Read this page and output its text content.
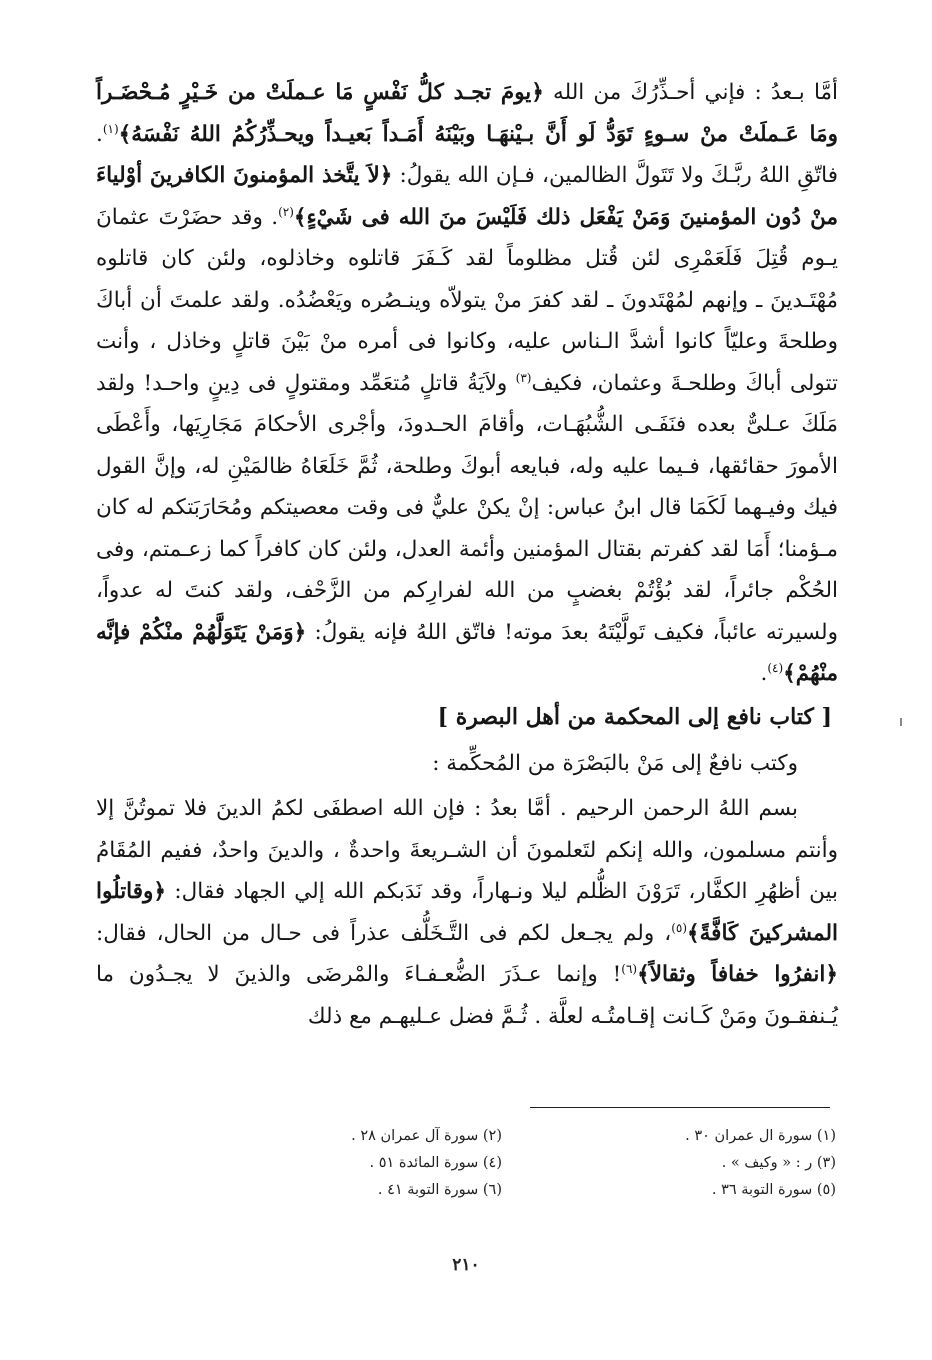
أمَّا بـعدُ : فإني أحـذِّرُكَ من الله ﴿يومَ تجـد كلُّ نَفْسٍ مَا عـملَتْ من خَـيْرٍ مُـحْضَـراً ومَا عَـملَتْ منْ سـوءٍ تَوَدُّ لَو أَنَّ بـيْنهَـا وبَيْنَهُ أَمَـداً بَعيـداً ويحـذِّرُكُمُ اللهُ نَفْسَهُ﴾$^{(١)}$. فاتّقِ اللهُ ربَّـكَ ولا تَتَولَّ الظالمين، فـإن الله يقولُ: ﴿لاَ يتَّخذ المؤمنونَ الكافرينَ أوْلياءَ منْ دُون المؤمنينَ وَمَنْ يَفْعَل ذلك فَلَيْسَ منَ الله فى شَيْءٍ﴾$^{(٢)}$. وقد حضَرْتَ عثمانَ يـوم قُتِلَ فَلَعَمْرِى لئن قُتل مظلوماً لقد كَـفَرَ قاتلوه وخاذلوه، ولئن كان قاتلوه مُهْتَـدينَ ـ وإنهم لمُهْتَدونَ ـ لقد كفرَ منْ يتولاّه وينـصُره ويَعْضُدُه. ولقد علمتَ أن أباكَ وطلحةَ وعليّاً كانوا أشدَّ الـناس عليه، وكانوا فى أمره منْ بَيْنَ قاتلٍ وخاذل ، وأنت تتولى أباكَ وطلحـةَ وعثمان، فكيف$^{(٣)}$ ولاَيَةُ قاتلٍ مُتعَمِّد ومقتولٍ فى دِينٍ واحـد! ولقد مَلَكَ عـلىٌّ بعده فنَفَـى الشُّبُهَـات، وأقامَ الحـدودَ، وأجْرى الأحكامَ مَجَارِيَها، وأَعْطَى الأمورَ حقائقها، فـيما عليه وله، فبايعه أبوكَ وطلحة، ثُمَّ خَلَعَاهُ ظالمَيْنِ له، وإنَّ القول فيك وفيـهما لَكَمَا قال ابنُ عباس: إنْ يكنْ عليٌّ فى وقت معصيتكم ومُحَارَبَتكم له كان مـؤمنا؛ أَمَا لقد كفرتم بقتال المؤمنين وأئمة العدل، ولئن كان كافراً كما زعـمتم، وفى الحُكْم جائراً، لقد بُؤْتُمْ بغضبٍ من الله لفرارِكم من الزَّحْف، ولقد كنتَ له عدواً، ولسيرته عائباً، فكيف تَولَّيْتَهُ بعدَ موته! فاتّق اللهُ فإنه يقولُ: ﴿وَمَنْ يَتَوَلَّهُمْ منْكُمْ فإنَّه منْهُمْ﴾$^{(٤)}$.

[ كتاب نافع إلى المحكمة من أهل البصرة ]

وكتب نافعٌ إلى مَنْ بالبَصْرَة من المُحكِّمة :

بسم اللهُ الرحمن الرحيم . أمَّا بعدُ : فإن الله اصطفَى لكمُ الدينَ فلا تموتُنَّ إلا وأنتم مسلمون، والله إنكم لتَعلمونَ أن الشـريعةَ واحدةٌ ، والدينَ واحدٌ، ففيم المُقَامُ بين أظهُرِ الكفَّار، تَرَوْنَ الظُّلم ليلا ونـهاراً، وقد نَدَبكم الله إلي الجهاد فقال: ﴿وقاتلُوا المشركينَ كَافَّةً﴾$^{(٥)}$، ولم يجـعل لكم فى التَّـخَلُّف عذراً فى حـال من الحال، فقال: ﴿انفرُوا خفافاً وثقالاً﴾$^{(٦)}$! وإنما عـذَرَ الضُّعـفـاءَ والمْرضَى والذينَ لا يجـدُون ما يُـنفقـونَ ومَنْ كَـانت إقـامتُـه لعلَّة . ثُـمَّ فضل عـليهـم مع ذلك

(١) سورة ال عمران ٣٠ .
(٢) سورة آل عمران ٢٨ .
(٣) ر : « وكيف » .
(٤) سورة المائدة ٥١ .
(٥) سورة التوبة ٣٦ .
(٦) سورة التوبة ٤١ .
٢١٠
